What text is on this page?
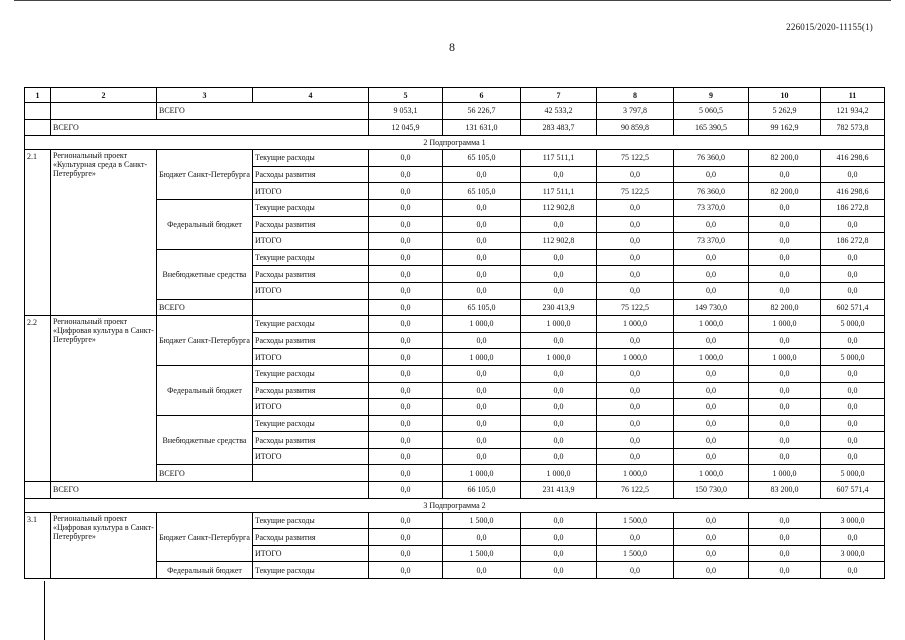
226015/2020-11155(1)
8
1	2	3	4	5	6	7	8	9	10	11
		ВСЕГО		9 053,1	56 226,7	42 533,2	3 797,8	5 060,5	5 262,9	121 934,2
	ВСЕГО			12 045,9	131 631,0	283 483,7	90 859,8	165 390,5	99 162,9	782 573,8
2 Подпрограмма 1										
2.1	Региональный проект «Культурная среда в Санкт-Петербурге»	Бюджет Санкт-Петербурга	Текущие расходы	0,0	65 105,0	117 511,1	75 122,5	76 360,0	82 200,0	416 298,6
			Расходы развития	0,0	0,0	0,0	0,0	0,0	0,0	0,0
			ИТОГО	0,0	65 105,0	117 511,1	75 122,5	76 360,0	82 200,0	416 298,6
		Федеральный бюджет	Текущие расходы	0,0	0,0	112 902,8	0,0	73 370,0	0,0	186 272,8
			Расходы развития	0,0	0,0	0,0	0,0	0,0	0,0	0,0
			ИТОГО	0,0	0,0	112 902,8	0,0	73 370,0	0,0	186 272,8
		Внебюджетные средства	Текущие расходы	0,0	0,0	0,0	0,0	0,0	0,0	0,0
			Расходы развития	0,0	0,0	0,0	0,0	0,0	0,0	0,0
			ИТОГО	0,0	0,0	0,0	0,0	0,0	0,0	0,0
		ВСЕГО		0,0	65 105,0	230 413,9	75 122,5	149 730,0	82 200,0	602 571,4
2.2	Региональный проект «Цифровая культура в Санкт-Петербурге»	Бюджет Санкт-Петербурга	Текущие расходы	0,0	1 000,0	1 000,0	1 000,0	1 000,0	1 000,0	5 000,0
			Расходы развития	0,0	0,0	0,0	0,0	0,0	0,0	0,0
			ИТОГО	0,0	1 000,0	1 000,0	1 000,0	1 000,0	1 000,0	5 000,0
		Федеральный бюджет	Текущие расходы	0,0	0,0	0,0	0,0	0,0	0,0	0,0
			Расходы развития	0,0	0,0	0,0	0,0	0,0	0,0	0,0
			ИТОГО	0,0	0,0	0,0	0,0	0,0	0,0	0,0
		Внебюджетные средства	Текущие расходы	0,0	0,0	0,0	0,0	0,0	0,0	0,0
			Расходы развития	0,0	0,0	0,0	0,0	0,0	0,0	0,0
			ИТОГО	0,0	0,0	0,0	0,0	0,0	0,0	0,0
		ВСЕГО		0,0	1 000,0	1 000,0	1 000,0	1 000,0	1 000,0	5 000,0
	ВСЕГО			0,0	66 105,0	231 413,9	76 122,5	150 730,0	83 200,0	607 571,4
3 Подпрограмма 2										
3.1	Региональный проект «Цифровая культура в Санкт-Петербурге»	Бюджет Санкт-Петербурга	Текущие расходы	0,0	1 500,0	0,0	1 500,0	0,0	0,0	3 000,0
			Расходы развития	0,0	0,0	0,0	0,0	0,0	0,0	0,0
			ИТОГО	0,0	1 500,0	0,0	1 500,0	0,0	0,0	3 000,0
		Федеральный бюджет	Текущие расходы	0,0	0,0	0,0	0,0	0,0	0,0	0,0
